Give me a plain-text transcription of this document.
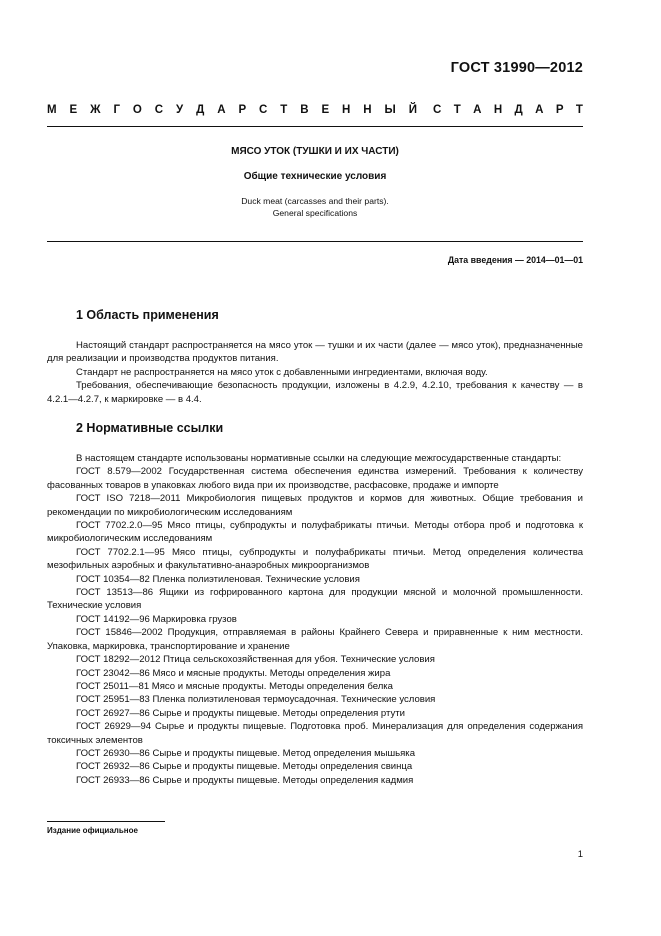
ГОСТ 31990—2012
М Е Ж Г О С У Д А Р С Т В Е Н Н Ы Й С Т А Н Д А Р Т
МЯСО УТОК (ТУШКИ И ИХ ЧАСТИ)
Общие технические условия
Duck meat (carcasses and their parts).
General specifications
Дата введения — 2014—01—01
1 Область применения

Настоящий стандарт распространяется на мясо уток — тушки и их части (далее — мясо уток), предназначенные для реализации и производства продуктов питания.

Стандарт не распространяется на мясо уток с добавленными ингредиентами, включая воду.

Требования, обеспечивающие безопасность продукции, изложены в 4.2.9, 4.2.10, требования к качеству — в 4.2.1—4.2.7, к маркировке — в 4.4.

2 Нормативные ссылки

В настоящем стандарте использованы нормативные ссылки на следующие межгосударственные стандарты:

ГОСТ 8.579—2002 Государственная система обеспечения единства измерений. Требования к количеству фасованных товаров в упаковках любого вида при их производстве, расфасовке, продаже и импорте

ГОСТ ISO 7218—2011 Микробиология пищевых продуктов и кормов для животных. Общие требования и рекомендации по микробиологическим исследованиям

ГОСТ 7702.2.0—95 Мясо птицы, субпродукты и полуфабрикаты птичьи. Методы отбора проб и подготовка к микробиологическим исследованиям

ГОСТ 7702.2.1—95 Мясо птицы, субпродукты и полуфабрикаты птичьи. Метод определения количества мезофильных аэробных и факультативно-анаэробных микроорганизмов

ГОСТ 10354—82 Пленка полиэтиленовая. Технические условия

ГОСТ 13513—86 Ящики из гофрированного картона для продукции мясной и молочной промышленности. Технические условия

ГОСТ 14192—96 Маркировка грузов

ГОСТ 15846—2002 Продукция, отправляемая в районы Крайнего Севера и приравненные к ним местности. Упаковка, маркировка, транспортирование и хранение

ГОСТ 18292—2012 Птица сельскохозяйственная для убоя. Технические условия

ГОСТ 23042—86 Мясо и мясные продукты. Методы определения жира

ГОСТ 25011—81 Мясо и мясные продукты. Методы определения белка

ГОСТ 25951—83 Пленка полиэтиленовая термоусадочная. Технические условия

ГОСТ 26927—86 Сырье и продукты пищевые. Методы определения ртути

ГОСТ 26929—94 Сырье и продукты пищевые. Подготовка проб. Минерализация для определения содержания токсичных элементов

ГОСТ 26930—86 Сырье и продукты пищевые. Метод определения мышьяка

ГОСТ 26932—86 Сырье и продукты пищевые. Методы определения свинца

ГОСТ 26933—86 Сырье и продукты пищевые. Методы определения кадмия

Издание официальное
1
